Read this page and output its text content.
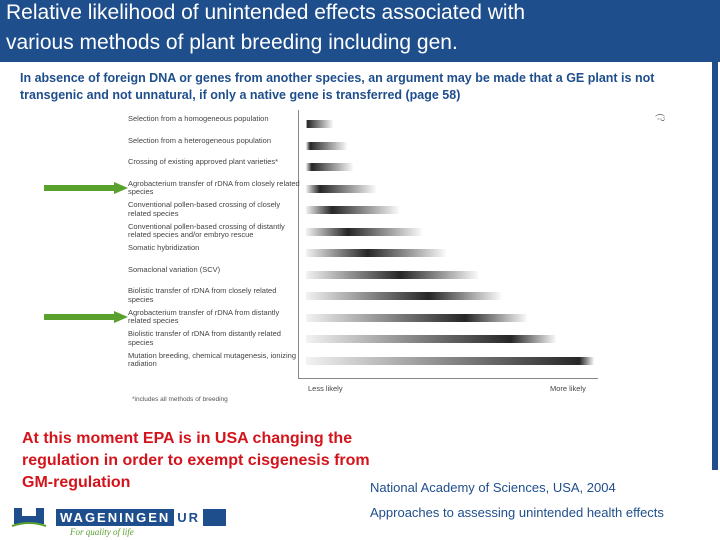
Relative likelihood of unintended effects associated with
various methods of plant breeding including gen.
In absence of foreign DNA or genes from another species, an argument may be made that a GE plant is not transgenic and not unnatural, if only a native gene is transferred (page 58)
(?
Less likely	More likely
*includes all methods of breeding
Selection from a homogeneous population
Selection from a heterogeneous population
Crossing of existing approved plant varieties*
Agrobacterium transfer of rDNA from closely related species
Conventional pollen-based crossing of closely related species
Conventional pollen-based crossing of distantly related species and/or embryo rescue
Somatic hybridization
Somaclonal variation (SCV)
Biolistic transfer of rDNA from closely related species
Agrobacterium transfer of rDNA from distantly related species
Biolistic transfer of rDNA from distantly related species
Mutation breeding, chemical mutagenesis, ionizing radiation
At this moment EPA is in USA changing the
regulation in order to exempt cisgenesis from
GM-regulation	National Academy of Sciences, USA, 2004
Approaches to assessing unintended health effects
WAGENINGEN UR
For quality of life
